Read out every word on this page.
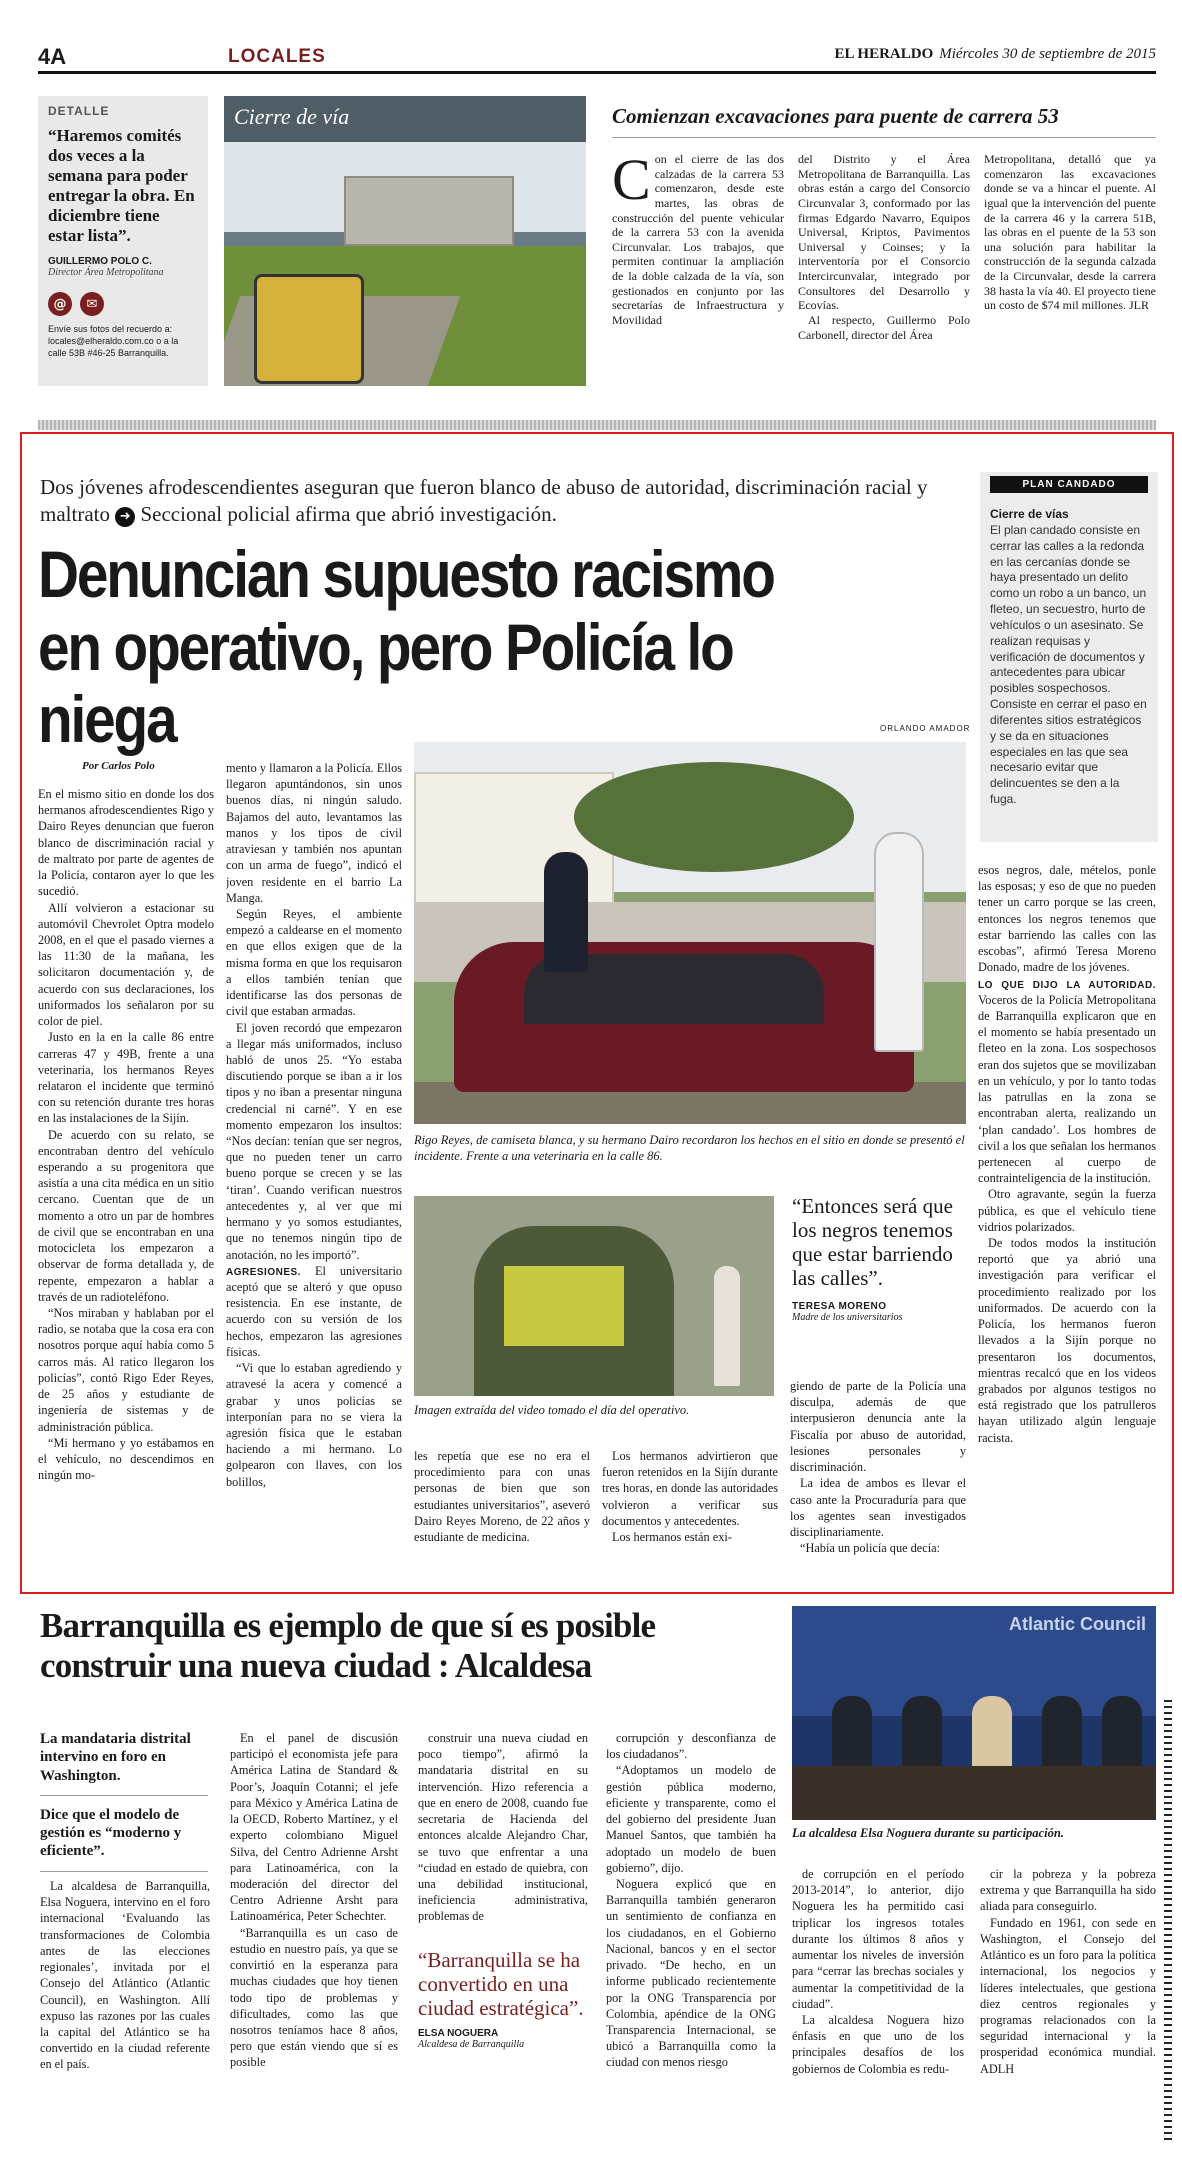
4A	LOCALES	EL HERALDO Miércoles 30 de septiembre de 2015
DETALLE
“Haremos comités dos veces a la semana para poder entregar la obra. En diciembre tiene estar lista”.
GUILLERMO POLO C.
Director Área Metropolitana
@	✉
Envíe sus fotos del recuerdo a: locales@elheraldo.com.co o a la calle 53B #46-25 Barranquilla.
Cierre de vía	Comienzan excavaciones para puente de carrera 53
Con el cierre de las dos calzadas de la carrera 53 comenzaron, desde este martes, las obras de construcción del puente vehicular de la carrera 53 con la avenida Circunvalar. Los trabajos, que permiten continuar la ampliación de la doble calzada de la vía, son gestionados en conjunto por las secretarías de Infraestructura y Movilidad

del Distrito y el Área Metropolitana de Barranquilla. Las obras están a cargo del Consorcio Circunvalar 3, conformado por las firmas Edgardo Navarro, Equipos Universal, Kriptos, Pavimentos Universal y Coinses; y la interventoría por el Consorcio Intercircunvalar, integrado por Consultores del Desarrollo y Ecovías.

Al respecto, Guillermo Polo Carbonell, director del Área

Metropolitana, detalló que ya comenzaron las excavaciones donde se va a hincar el puente. Al igual que la intervención del puente de la carrera 46 y la carrera 51B, las obras en el puente de la 53 son una solución para habilitar la construcción de la segunda calzada de la Circunvalar, desde la carrera 38 hasta la vía 40. El proyecto tiene un costo de $74 mil millones. JLR

Dos jóvenes afrodescendientes aseguran que fueron blanco de abuso de autoridad, discriminación racial y maltrato ➜ Seccional policial afirma que abrió investigación.
Denuncian supuesto racismo en operativo, pero Policía lo niega	ORLANDO AMADOR
PLAN CANDADO
Cierre de vías
El plan candado consiste en cerrar las calles a la redonda en las cercanías donde se haya presentado un delito como un robo a un banco, un fleteo, un secuestro, hurto de vehículos o un asesinato. Se realizan requisas y verificación de documentos y antecedentes para ubicar posibles sospechosos. Consiste en cerrar el paso en diferentes sitios estratégicos y se da en situaciones especiales en las que sea necesario evitar que delincuentes se den a la fuga.
Por Carlos Polo

En el mismo sitio en donde los dos hermanos afrodescendientes Rigo y Dairo Reyes denuncian que fueron blanco de discriminación racial y de maltrato por parte de agentes de la Policía, contaron ayer lo que les sucedió.

Allí volvieron a estacionar su automóvil Chevrolet Optra modelo 2008, en el que el pasado viernes a las 11:30 de la mañana, les solicitaron documentación y, de acuerdo con sus declaraciones, los uniformados los señalaron por su color de piel.

Justo en la en la calle 86 entre carreras 47 y 49B, frente a una veterinaria, los hermanos Reyes relataron el incidente que terminó con su retención durante tres horas en las instalaciones de la Sijín.

De acuerdo con su relato, se encontraban dentro del vehículo esperando a su progenitora que asistía a una cita médica en un sitio cercano. Cuentan que de un momento a otro un par de hombres de civil que se encontraban en una motocicleta los empezaron a observar de forma detallada y, de repente, empezaron a hablar a través de un radioteléfono.

“Nos miraban y hablaban por el radio, se notaba que la cosa era con nosotros porque aquí había como 5 carros más. Al ratico llegaron los policías”, contó Rigo Eder Reyes, de 25 años y estudiante de ingeniería de sistemas y de administración pública.

“Mi hermano y yo estábamos en el vehículo, no descendimos en ningún mo-

mento y llamaron a la Policía. Ellos llegaron apuntándonos, sin unos buenos días, ni ningún saludo. Bajamos del auto, levantamos las manos y los tipos de civil atraviesan y también nos apuntan con un arma de fuego”, indicó el joven residente en el barrio La Manga.

Según Reyes, el ambiente empezó a caldearse en el momento en que ellos exigen que de la misma forma en que los requisaron a ellos también tenían que identificarse las dos personas de civil que estaban armadas.

El joven recordó que empezaron a llegar más uniformados, incluso habló de unos 25. “Yo estaba discutiendo porque se iban a ir los tipos y no iban a presentar ninguna credencial ni carné”. Y en ese momento empezaron los insultos: “Nos decían: tenían que ser negros, que no pueden tener un carro bueno porque se crecen y se las ‘tiran’. Cuando verifican nuestros antecedentes y, al ver que mi hermano y yo somos estudiantes, que no tenemos ningún tipo de anotación, no les importó”.

AGRESIONES. El universitario aceptó que se alteró y que opuso resistencia. En ese instante, de acuerdo con su versión de los hechos, empezaron las agresiones físicas.

“Vi que lo estaban agrediendo y atravesé la acera y comencé a grabar y unos policías se interponían para no se viera la agresión física que le estaban haciendo a mi hermano. Lo golpearon con llaves, con los bolillos,

Rigo Reyes, de camiseta blanca, y su hermano Dairo recordaron los hechos en el sitio en donde se presentó el incidente. Frente a una veterinaria en la calle 86.
Imagen extraída del video tomado el día del operativo.
“Entonces será que los negros tenemos que estar barriendo las calles”.
TERESA MORENO
Madre de los universitarios

les repetía que ese no era el procedimiento para con unas personas de bien que son estudiantes universitarios”, aseveró Dairo Reyes Moreno, de 22 años y estudiante de medicina.

Los hermanos advirtieron que fueron retenidos en la Sijín durante tres horas, en donde las autoridades volvieron a verificar sus documentos y antecedentes.

Los hermanos están exi-

giendo de parte de la Policía una disculpa, además de que interpusieron denuncia ante la Fiscalía por abuso de autoridad, lesiones personales y discriminación.

La idea de ambos es llevar el caso ante la Procuraduría para que los agentes sean investigados disciplinariamente.

“Había un policía que decía:

esos negros, dale, mételos, ponle las esposas; y eso de que no pueden tener un carro porque se las creen, entonces los negros tenemos que estar barriendo las calles con las escobas”, afirmó Teresa Moreno Donado, madre de los jóvenes.

LO QUE DIJO LA AUTORIDAD. Voceros de la Policía Metropolitana de Barranquilla explicaron que en el momento se había presentado un fleteo en la zona. Los sospechosos eran dos sujetos que se movilizaban en un vehículo, y por lo tanto todas las patrullas en la zona se encontraban alerta, realizando un ‘plan candado’. Los hombres de civil a los que señalan los hermanos pertenecen al cuerpo de contrainteligencia de la institución.

Otro agravante, según la fuerza pública, es que el vehículo tiene vidrios polarizados.

De todos modos la institución reportó que ya abrió una investigación para verificar el procedimiento realizado por los uniformados. De acuerdo con la Policía, los hermanos fueron llevados a la Sijín porque no presentaron los documentos, mientras recalcó que en los videos grabados por algunos testigos no está registrado que los patrulleros hayan utilizado algún lenguaje racista.

Barranquilla es ejemplo de que sí es posible construir una nueva ciudad : Alcaldesa
Atlantic Council
La alcaldesa Elsa Noguera durante su participación.
La mandataria distrital intervino en foro en Washington.
Dice que el modelo de gestión es “moderno y eficiente”.

La alcaldesa de Barranquilla, Elsa Noguera, intervino en el foro internacional ‘Evaluando las transformaciones de Colombia antes de las elecciones regionales’, invitada por el Consejo del Atlántico (Atlantic Council), en Washington. Allí expuso las razones por las cuales la capital del Atlántico se ha convertido en la ciudad referente en el país.

En el panel de discusión participó el economista jefe para América Latina de Standard & Poor’s, Joaquín Cotanni; el jefe para México y América Latina de la OECD, Roberto Martínez, y el experto colombiano Miguel Silva, del Centro Adrienne Arsht para Latinoamérica, con la moderación del director del Centro Adrienne Arsht para Latinoamérica, Peter Schechter.

“Barranquilla es un caso de estudio en nuestro país, ya que se convirtió en la esperanza para muchas ciudades que hoy tienen todo tipo de problemas y dificultades, como las que nosotros teníamos hace 8 años, pero que están viendo que sí es posible

construir una nueva ciudad en poco tiempo”, afirmó la mandataria distrital en su intervención. Hizo referencia a que en enero de 2008, cuando fue secretaria de Hacienda del entonces alcalde Alejandro Char, se tuvo que enfrentar a una “ciudad en estado de quiebra, con una debilidad institucional, ineficiencia administrativa, problemas de

“Barranquilla se ha convertido en una ciudad estratégica”.
ELSA NOGUERA
Alcaldesa de Barranquilla

corrupción y desconfianza de los ciudadanos”.

“Adoptamos un modelo de gestión pública moderno, eficiente y transparente, como el del gobierno del presidente Juan Manuel Santos, que también ha adoptado un modelo de buen gobierno”, dijo.

Noguera explicó que en Barranquilla también generaron un sentimiento de confianza en los ciudadanos, en el Gobierno Nacional, bancos y en el sector privado. “De hecho, en un informe publicado recientemente por la ONG Transparencia por Colombia, apéndice de la ONG Transparencia Internacional, se ubicó a Barranquilla como la ciudad con menos riesgo

de corrupción en el período 2013-2014”, lo anterior, dijo Noguera les ha permitido casi triplicar los ingresos totales durante los últimos 8 años y aumentar los niveles de inversión para “cerrar las brechas sociales y aumentar la competitividad de la ciudad”.

La alcaldesa Noguera hizo énfasis en que uno de los principales desafíos de los gobiernos de Colombia es redu-

cir la pobreza y la pobreza extrema y que Barranquilla ha sido aliada para conseguirlo.

Fundado en 1961, con sede en Washington, el Consejo del Atlántico es un foro para la política internacional, los negocios y líderes intelectuales, que gestiona diez centros regionales y programas relacionados con la seguridad internacional y la prosperidad económica mundial. ADLH
